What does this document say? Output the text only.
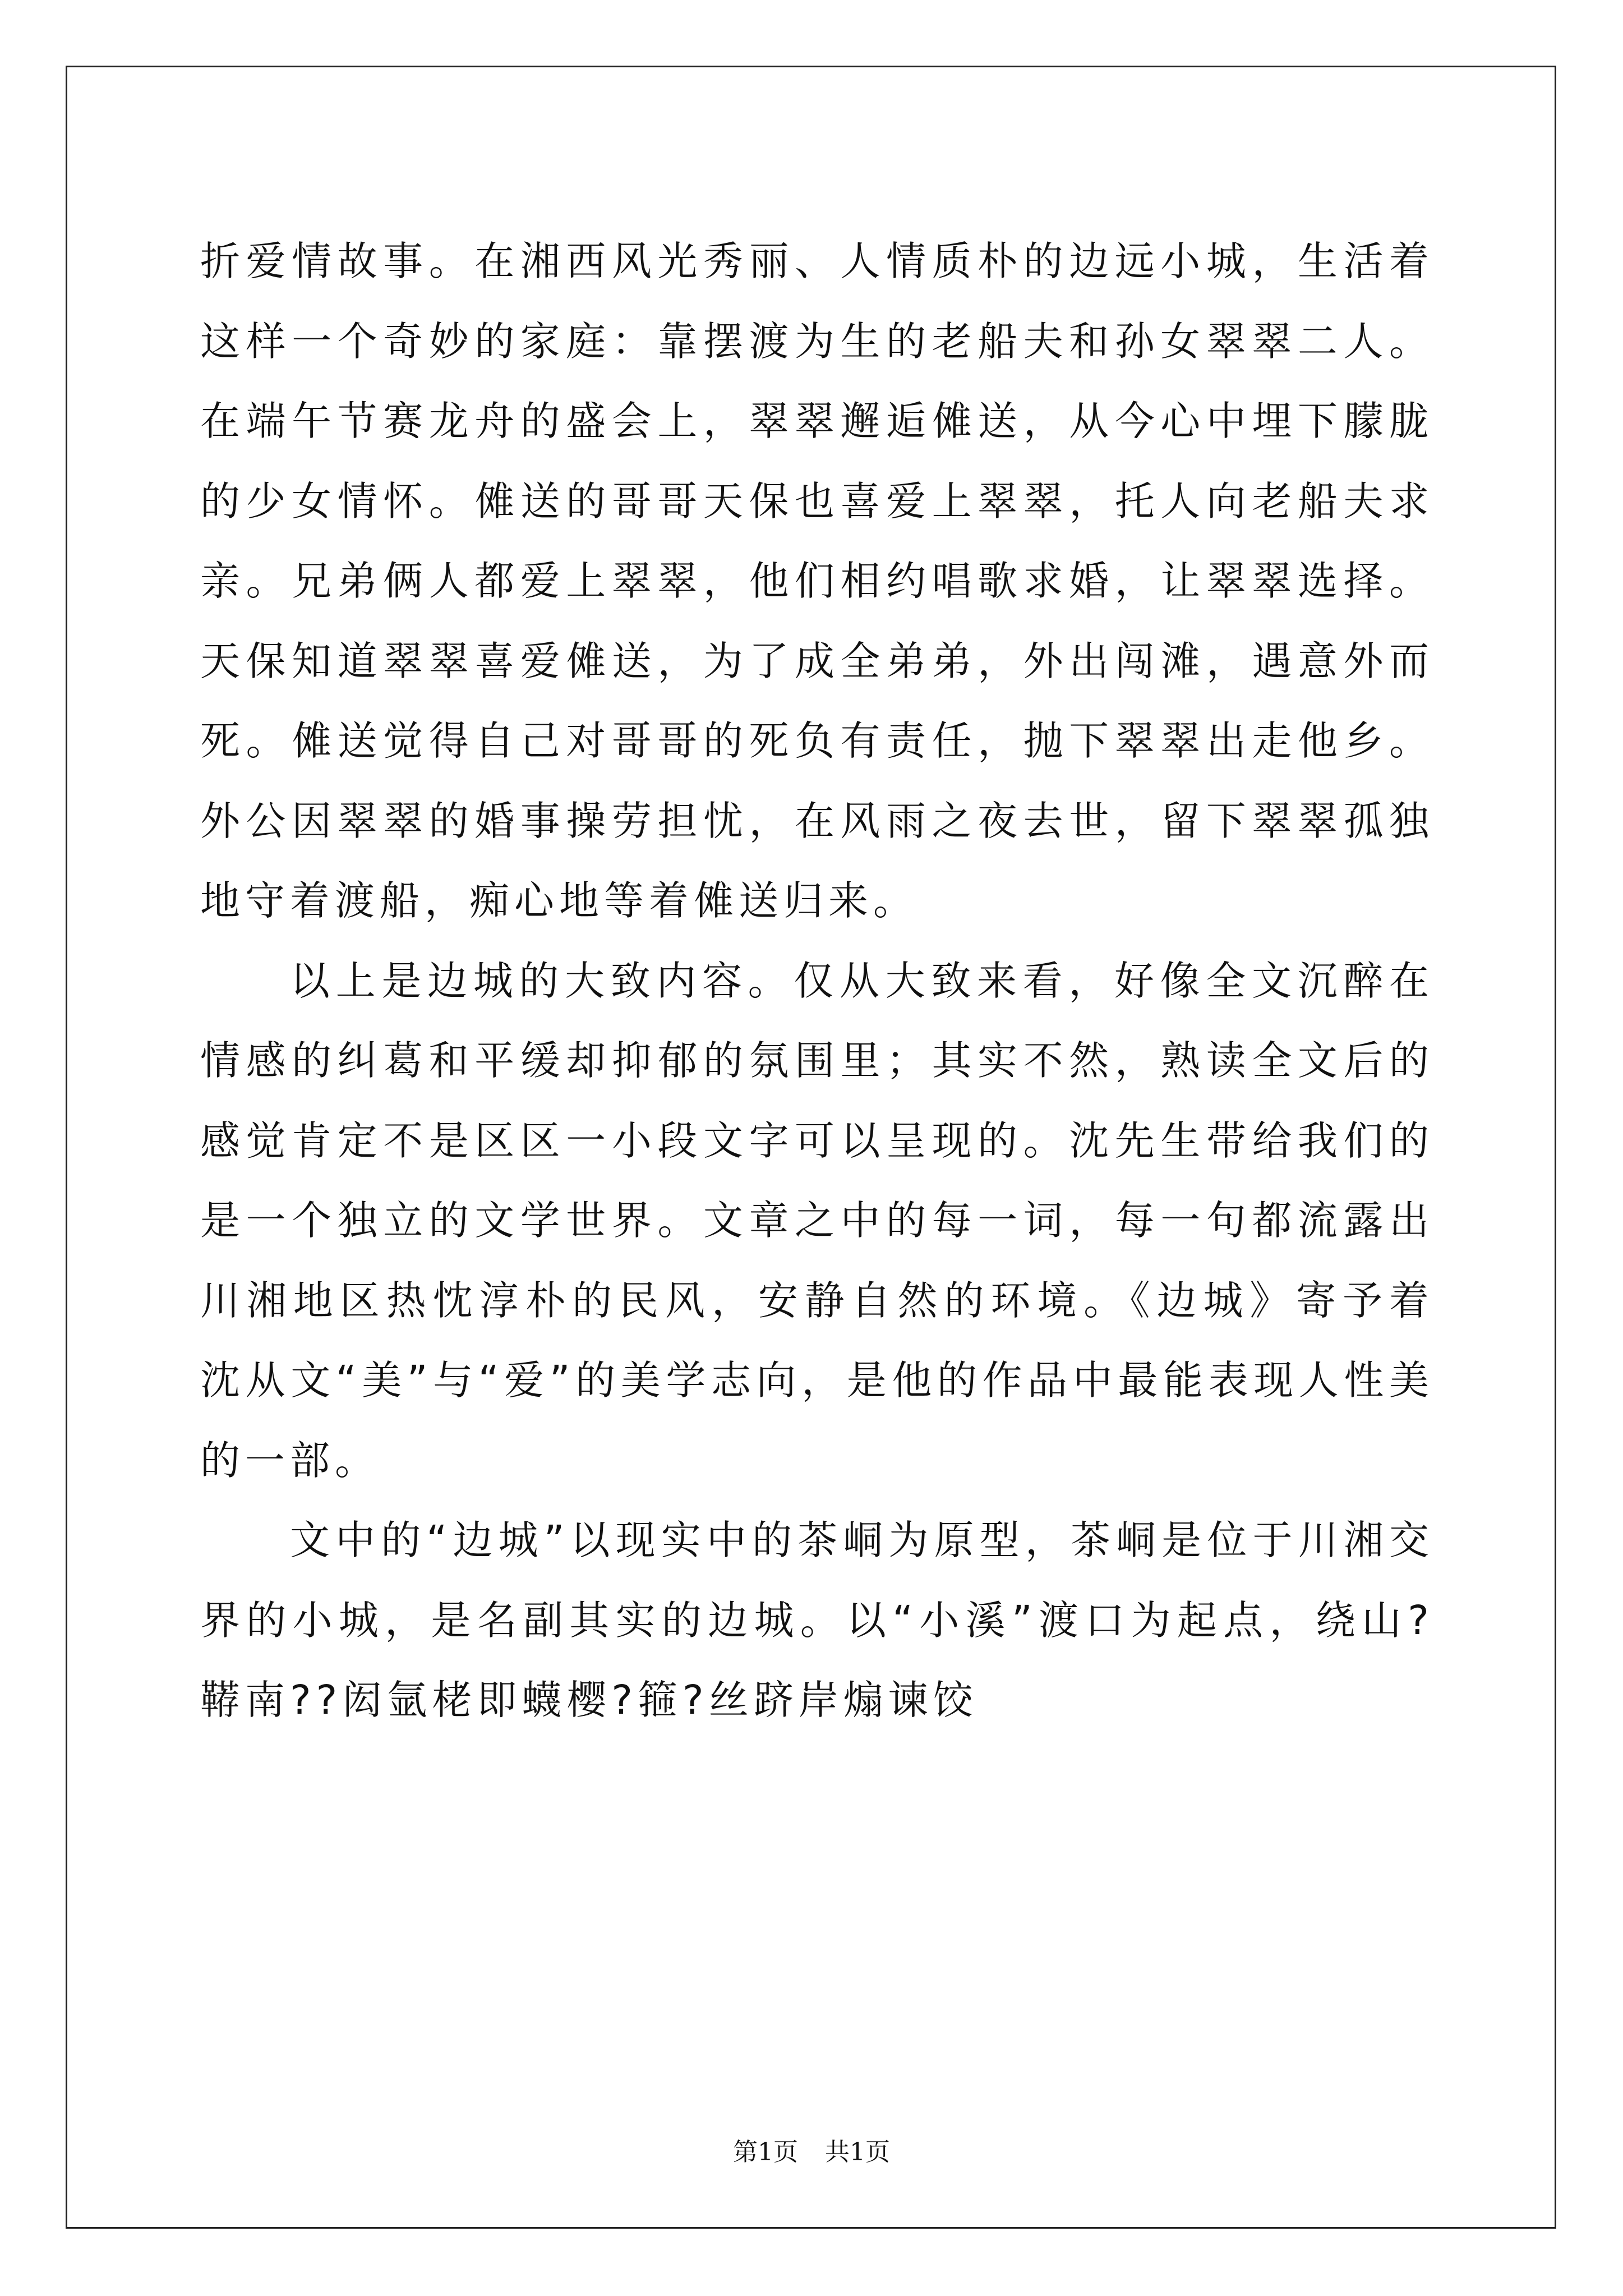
折爱情故事。在湘西风光秀丽、人情质朴的边远小城，生活着这样一个奇妙的家庭：靠摆渡为生的老船夫和孙女翠翠二人。在端午节赛龙舟的盛会上，翠翠邂逅傩送，从今心中埋下朦胧的少女情怀。傩送的哥哥天保也喜爱上翠翠，托人向老船夫求亲。兄弟俩人都爱上翠翠，他们相约唱歌求婚，让翠翠选择。天保知道翠翠喜爱傩送，为了成全弟弟，外出闯滩，遇意外而死。傩送觉得自己对哥哥的死负有责任，抛下翠翠出走他乡。外公因翠翠的婚事操劳担忧，在风雨之夜去世，留下翠翠孤独地守着渡船，痴心地等着傩送归来。

以上是边城的大致内容。仅从大致来看，好像全文沉醉在情感的纠葛和平缓却抑郁的氛围里；其实不然，熟读全文后的感觉肯定不是区区一小段文字可以呈现的。沈先生带给我们的是一个独立的文学世界。文章之中的每一词，每一句都流露出川湘地区热忱淳朴的民风，安静自然的环境。《边城》寄予着沈从文“美”与“爱”的美学志向，是他的作品中最能表现人性美的一部。

文中的“边城”以现实中的茶峒为原型，茶峒是位于川湘交界的小城，是名副其实的边城。以“小溪”渡口为起点，绕山?鞯南??闳氩栳即蠛樱?箍?丝跻岸煽谏饺

第1页 共1页
